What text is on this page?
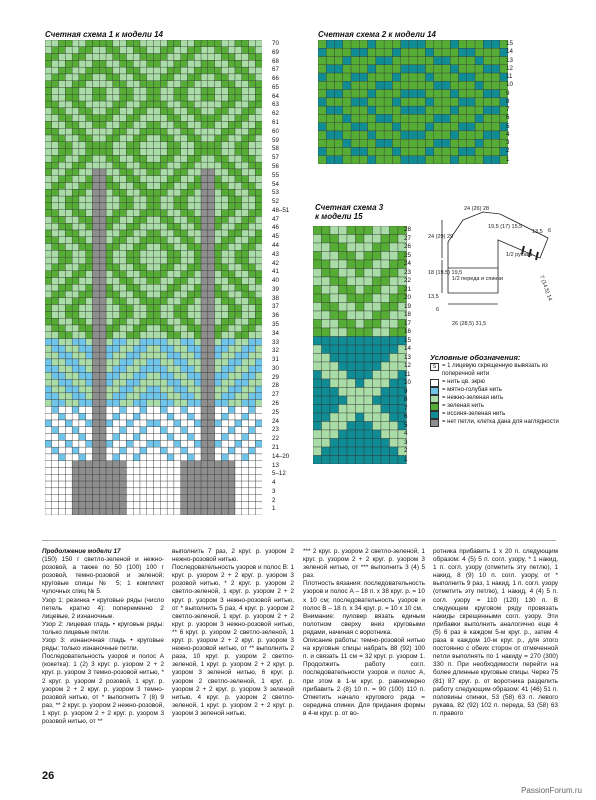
Счетная схема 1 к модели 14
70
69
68
67
66
65
64
63
62
61
60
59
58
57
56
55
54
53
52
48–51
47
46
45
44
43
42
41
40
39
38
37
36
35
34
33
32
31
30
29
28
27
26
25
24
23
22
21
14–20
13
5–12
4
3
2
1
Счетная схема 2 к модели 14
15
14
13
12
11
10
9
8
7
6
5
4
3
2
1
Счетная схема 3
к модели 15
28
27
26
25
24
23
22
21
20
19
18
17
16
15
14
13
12
11
10
9
8
7
6
5
4
3
2
1
24 (26) 28
19,5 (17) 15,5
13,5 6
24 (29) 29
18 (19,5) 19,5
13,5
6
26 (28,5) 31,5
1/2 переда и спинки
1/2 рукава
7 (14,5) 14
Условные обозначения:
S = 1 лицевую скрещенную вывязать из поперечной нити
= нить цв. экрю
= мятно-голубая нить
= нежно-зеленая нить
= зеленая нить
= иссиня-зеленая нить
= нет петли, клетка дана для наглядности

Продолжение модели 17

(150) 150 г светло-зеленой и нежно-розовой, а также по 50 (100) 100 г розовой, темно-розовой и зеленой; круговые спицы № 5; 1 комплект чулочных спиц № 5.

Узор 1: резинка • круговые ряды (число петель кратно 4): попеременно 2 лицевые, 2 изнаночные.

Узор 2: лицевая гладь • круговые ряды: только лицевые петли.

Узор 3: изнаночная гладь • круговые ряды: только изнаночные петли.

Последовательность узоров и полос А (кокетка): 1 (2) 3 круг. р. узором 2 + 2 круг. р. узором 3 темно-розовой нитью, * 2 круг. р. узором 2 розовой, 1 круг. р. узором 2 + 2 круг. р. узором 3 темно-розовой нитью, от * выполнить 7 (8) 9 раз, ** 2 круг. р. узором 2 нежно-розовой, 1 круг. р. узором 2 + 2 круг. р. узором 3 розовой нитью, от **

выполнить 7 раз, 2 круг. р. узором 2 нежно-розовой нитью.

Последовательность узоров и полос В: 1 круг. р. узором 2 + 2 круг. р. узором 3 розовой нитью, * 2 круг. р. узором 2 светло-зеленой, 1 круг. р. узором 2 + 2 круг. р. узором 3 нежно-розовой нитью, от * выполнить 5 раз, 4 круг. р. узором 2 светло-зеленой, 1 круг. р. узором 2 + 2 круг. р. узором 3 нежно-розовой нитью, ** 6 круг. р. узором 2 светло-зеленой, 1 круг. р. узором 2 + 2 круг. р. узором 3 нежно-розовой нитью, от ** выполнить 2 раза, 10 круг. р. узором 2 светло-зеленой, 1 круг. р. узором 2 + 2 круг. р. узором 3 зеленой нитью, 6 круг. р. узором 2 светло-зеленой, 1 круг. р. узором 2 + 2 круг. р. узором 3 зеленой нитью, 4 круг. р. узором 2 светло-зеленой, 1 круг. р. узором 2 + 2 круг. р. узором 3 зеленой нитью,

*** 2 круг. р. узором 2 светло-зеленой, 1 круг. р. узором 2 + 2 круг. р. узором 3 зеленой нитью, от *** выполнить 3 (4) 5 раз.

Плотность вязания: последовательность узоров и полос А – 18 п. х 38 круг. р. = 10 х 10 см; последовательность узоров и полос В – 18 п. х 34 круг. р. = 10 х 10 см.

Внимание: пуловер вязать единым полотном сверху вниз круговыми рядами, начиная с воротника.

Описание работы: темно-розовой нитью на круговые спицы набрать 88 (92) 100 п. и связать 11 см = 32 круг. р. узором 1. Продолжить работу согл. последовательности узоров и полос А, при этом в 1-м круг. р. равномерно прибавить 2 (8) 10 п. = 90 (100) 110 п. Отметить начало кругового ряда = середина спинки. Для придания формы в 4-м круг. р. от во-

ротника прибавить 1 х 20 п. следующим образом: 4 (5) 5 п. согл. узору, * 1 накид, 1 п. согл. узору (отметить эту петлю), 1 накид, 8 (9) 10 п. согл. узору, от * выполнить 9 раз, 1 накид, 1 п. согл. узору (отметить эту петлю), 1 накид, 4 (4) 5 п. согл. узору = 110 (120) 130 п. В следующем круговом ряду провязать накиды скрещенными согл. узору. Эти прибавки выполнить аналогично еще 4 (5) 6 раз в каждом 5-м круг. р., затем 4 раза в каждом 10-м круг. р., для этого постоянно с обеих сторон от отмеченной петли выполнять по 1 накиду = 270 (300) 330 п. При необходимости перейти на более длинные круговые спицы. Через 75 (81) 87 круг. р. от воротника разделить работу следующим образом: 41 (46) 51 п. половины спинки, 53 (58) 63 п. левого рукава, 82 (92) 102 п. переда, 53 (58) 63 п. правого

26
PassionForum.ru
